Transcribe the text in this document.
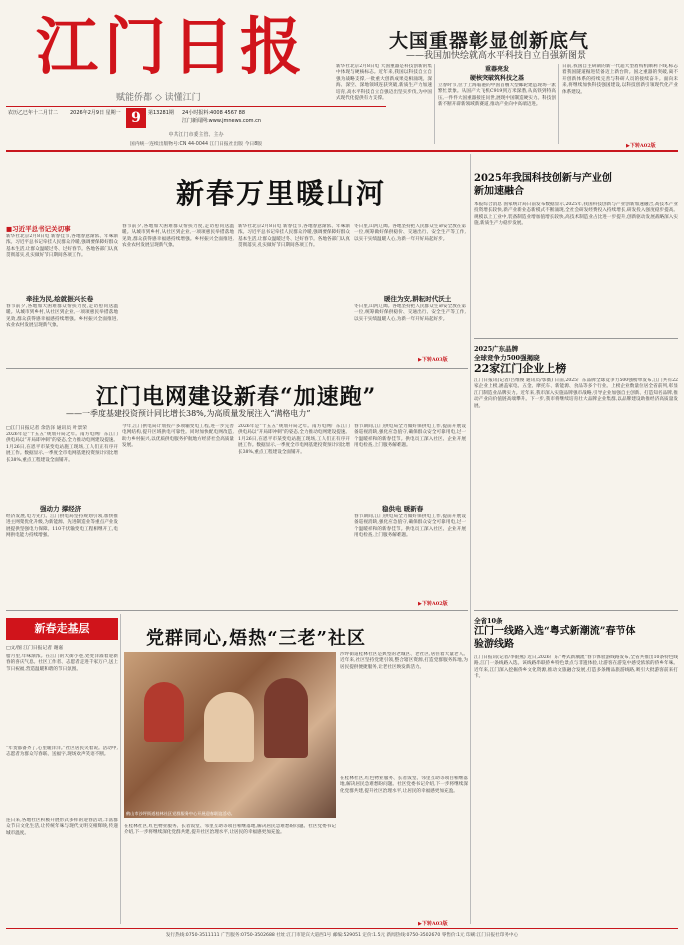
江门日报
赋能侨都 ◇ 读懂江门
农历乙巳年十二月廿二	2026年2月9日 星期一	第13281期	24小时报料:4008 4567 88
江门新闻网:www.jmnews.com.cn
9
中共江门市委主管、主办
国内统一连续出版物号:CN 44-0044 江门日报社出版 今日8版
大国重器彰显创新底气
——我国加快绘就高水平科技自立自强新图景
新华社北京2月8日电 大国重器是科技创新的集中体现与硬核标志。近年来,我国以科技自立自强为战略支撑,一批重大创新成果竞相涌现。深海、深空、深地领域连获突破,新质生产力加速培育,高水平科技自立自强迈出坚实步伐,为中国式现代化提供有力支撑。
重器亮发
硬核突破筑科技之基
立春时节,位于上海临港的中国首艘大型邮轮建造现场一派繁忙景象。从国产大飞机C919到万米深潜,从高铁到特高压,一件件大国重器接连问世,展现中国制造硬实力。科技创新不断开辟新领域新赛道,推动产业向中高端迈进。
日前,我国自主研制的新一代超大型盾构机顺利下线,标志着我国隧道掘进装备迈上新台阶。国之重器的突破,离不开创新体系的持续完善与科研人员的接续奋斗。面向未来,将继续加快科技强国建设,以科技创新引领现代化产业体系建设。
▶下转A02版
新春万里暖山河
■习近平总书记关切事
新华社北京2月8日电 新春佳节,各地春意渐浓、年味渐浓。习近平总书记牵挂人民群众冷暖,强调要保障好群众基本生活,让群众温暖过冬、过好春节。各地各部门认真贯彻落实,扎实做好节日期间各项工作。
牵挂为民,绘就振兴长卷
春节前夕,各地加大困难群众帮扶力度,走访慰问送温暖。从城市到乡村,从社区到企业,一项项惠民举措落地见效,群众获得感幸福感持续增强。乡村振兴全面推进,农业农村发展呈现新气象。
春节前夕,各地加大困难群众帮扶力度,走访慰问送温暖。从城市到乡村,从社区到企业,一项项惠民举措落地见效,群众获得感幸福感持续增强。乡村振兴全面推进,农业农村发展呈现新气象。
新华社北京2月8日电 新春佳节,各地春意渐浓、年味渐浓。习近平总书记牵挂人民群众冷暖,强调要保障好群众基本生活,让群众温暖过冬、过好春节。各地各部门认真贯彻落实,扎实做好节日期间各项工作。
暖往为安,耕耘时代沃土
冬日里,山河辽阔。各地坚持把人民群众生命安全放在第一位,统筹做好保供稳价、交通出行、安全生产等工作,以实干实绩温暖人心,为新一年开好局起好步。
冬日里,山河辽阔。各地坚持把人民群众生命安全放在第一位,统筹做好保供稳价、交通出行、安全生产等工作,以实干实绩温暖人心,为新一年开好局起好步。
▶下转A03版
2025年我国科技创新与产业创新加速融合
本报综合消息 国家统计局日前发布数据显示,2025年,我国科技创新与产业创新加速融合,高技术产业投资增长较快,新产业新业态新模式不断涌现,全社会研发经费投入持续增长,研发投入强度稳步提高。规模以上工业中,装备制造业增加值增长较快,高技术制造业占比进一步提升,创新驱动发展战略深入实施,新质生产力稳步发展。
2025广东品牌
全球竞争力500强揭晓
22家江门企业上榜
江门日报讯(记者/吕维俊 通讯员/鄂薇) 日前,2025广东品牌全球竞争力500强榜单发布,江门共有22家企业上榜,涵盖家电、五金、摩托车、新能源、食品等多个行业。上榜企业数量位居全省前列,彰显江门制造业品牌实力。近年来,我市深入实施品牌强市战略,引导企业加强自主创新、打造知名品牌,推动产业向价值链高端攀升。下一步,我市将继续培育壮大品牌企业集群,以品牌建设助推经济高质量发展。
江门电网建设新春“加速跑”
——一季度基建投资预计同比增长38%,为高质量发展注入“满格电力”
□江门日报记者 余浩泽 通讯员 叶景荣
2026年是“十五五”规划开局之年。南方电网广东江门供电局以“开局即冲刺”的姿态,全力推动电网建设提速。1月26日,在恩平市某变电站施工现场,工人们正有序开展工作。数据显示,一季度全市电网基建投资预计同比增长38%,重点工程建设全面铺开。
强动力 撑经济
经济发展,电力先行。江门供电局坚持规划引领,加快推进主网架优化升级,为新能源、先进制造业等重点产业发展提供坚强电力保障。110千伏输变电工程相继开工,电网供电能力持续增强。
今年,江门供电局计划投产多项输变电工程,进一步完善电网结构,提升区域供电可靠性。同时加快配电网改造,助力乡村振兴,以优质供电服务护航地方经济社会高质量发展。
2026年是“十五五”规划开局之年。南方电网广东江门供电局以“开局即冲刺”的姿态,全力推动电网建设提速。1月26日,在恩平市某变电站施工现场,工人们正有序开展工作。数据显示,一季度全市电网基建投资预计同比增长38%,重点工程建设全面铺开。
稳供电 暖新春
春节期间,江门供电局全力做好保供电工作,提前开展设备巡视消缺,强化应急值守,确保群众安全可靠用电,过一个温暖祥和的新春佳节。供电员工深入社区、企业开展用电检查,上门服务解难题。
春节期间,江门供电局全力做好保供电工作,提前开展设备巡视消缺,强化应急值守,确保群众安全可靠用电,过一个温暖祥和的新春佳节。供电员工深入社区、企业开展用电检查,上门服务解难题。
▶下转A02版
全省10条
江门一线路入选“粤式新潮流”春节体验游线路
江门日报讯(记者/李银燕) 近日,2026广东“粤式新潮流”春节体验游线路发布,全省共推出10条特色线路,江门一条线路入选。该线路串联侨乡特色景点与非遗体验,让游客在游览中感受浓浓的侨乡年味。近年来,江门深入挖掘侨乡文化资源,推动文旅融合发展,打造多条精品旅游线路,吸引大批游客前来打卡。
新春走基层
□文/图 江门日报记者 谢嘉
腊月里,年味渐浓。在江门的大街小巷,处处洋溢着迎新春的喜庆气息。社区工作者、志愿者走进千家万户,送上节日祝福,营造温暖和谐的节日氛围。
“年货都备齐了,心里暖洋洋。”社区居民笑着说。活动中,志愿者为群众写春联、送福字,现场欢声笑语不断。
连日来,各地社区积极开展形式多样的迎春活动,丰富群众节日文化生活,让传统年味与现代文明交相辉映,传递城市温度。
党群同心,焐热“三老”社区
鹤山市沙坪街道桂林社区党群服务中心开展迎春联谊活动。
沙坪街道桂林社区是典型的老城区、老社区,居住着大量老人。近年来,社区坚持党建引领,整合辖区资源,打造党群服务阵地,为居民提供便捷服务,让老社区焕发新活力。
在桂林社区,红色物业服务、长者饭堂、邻里互助等项目相继落地,解决居民急难愁盼问题。社区党委书记介绍,下一步将继续深化党群共建,提升社区治理水平,让居民的幸福感更加充盈。
在桂林社区,红色物业服务、长者饭堂、邻里互助等项目相继落地,解决居民急难愁盼问题。社区党委书记介绍,下一步将继续深化党群共建,提升社区治理水平,让居民的幸福感更加充盈。
▶下转A03版
发行热线:0750-3511111 广告服务:0750-3502688 社址:江门市迎宾大道西1号 邮编:529051 定价:1.5元 新闻热线:0750-3502670 零售价:1元 印刷:江门日报社印务中心
